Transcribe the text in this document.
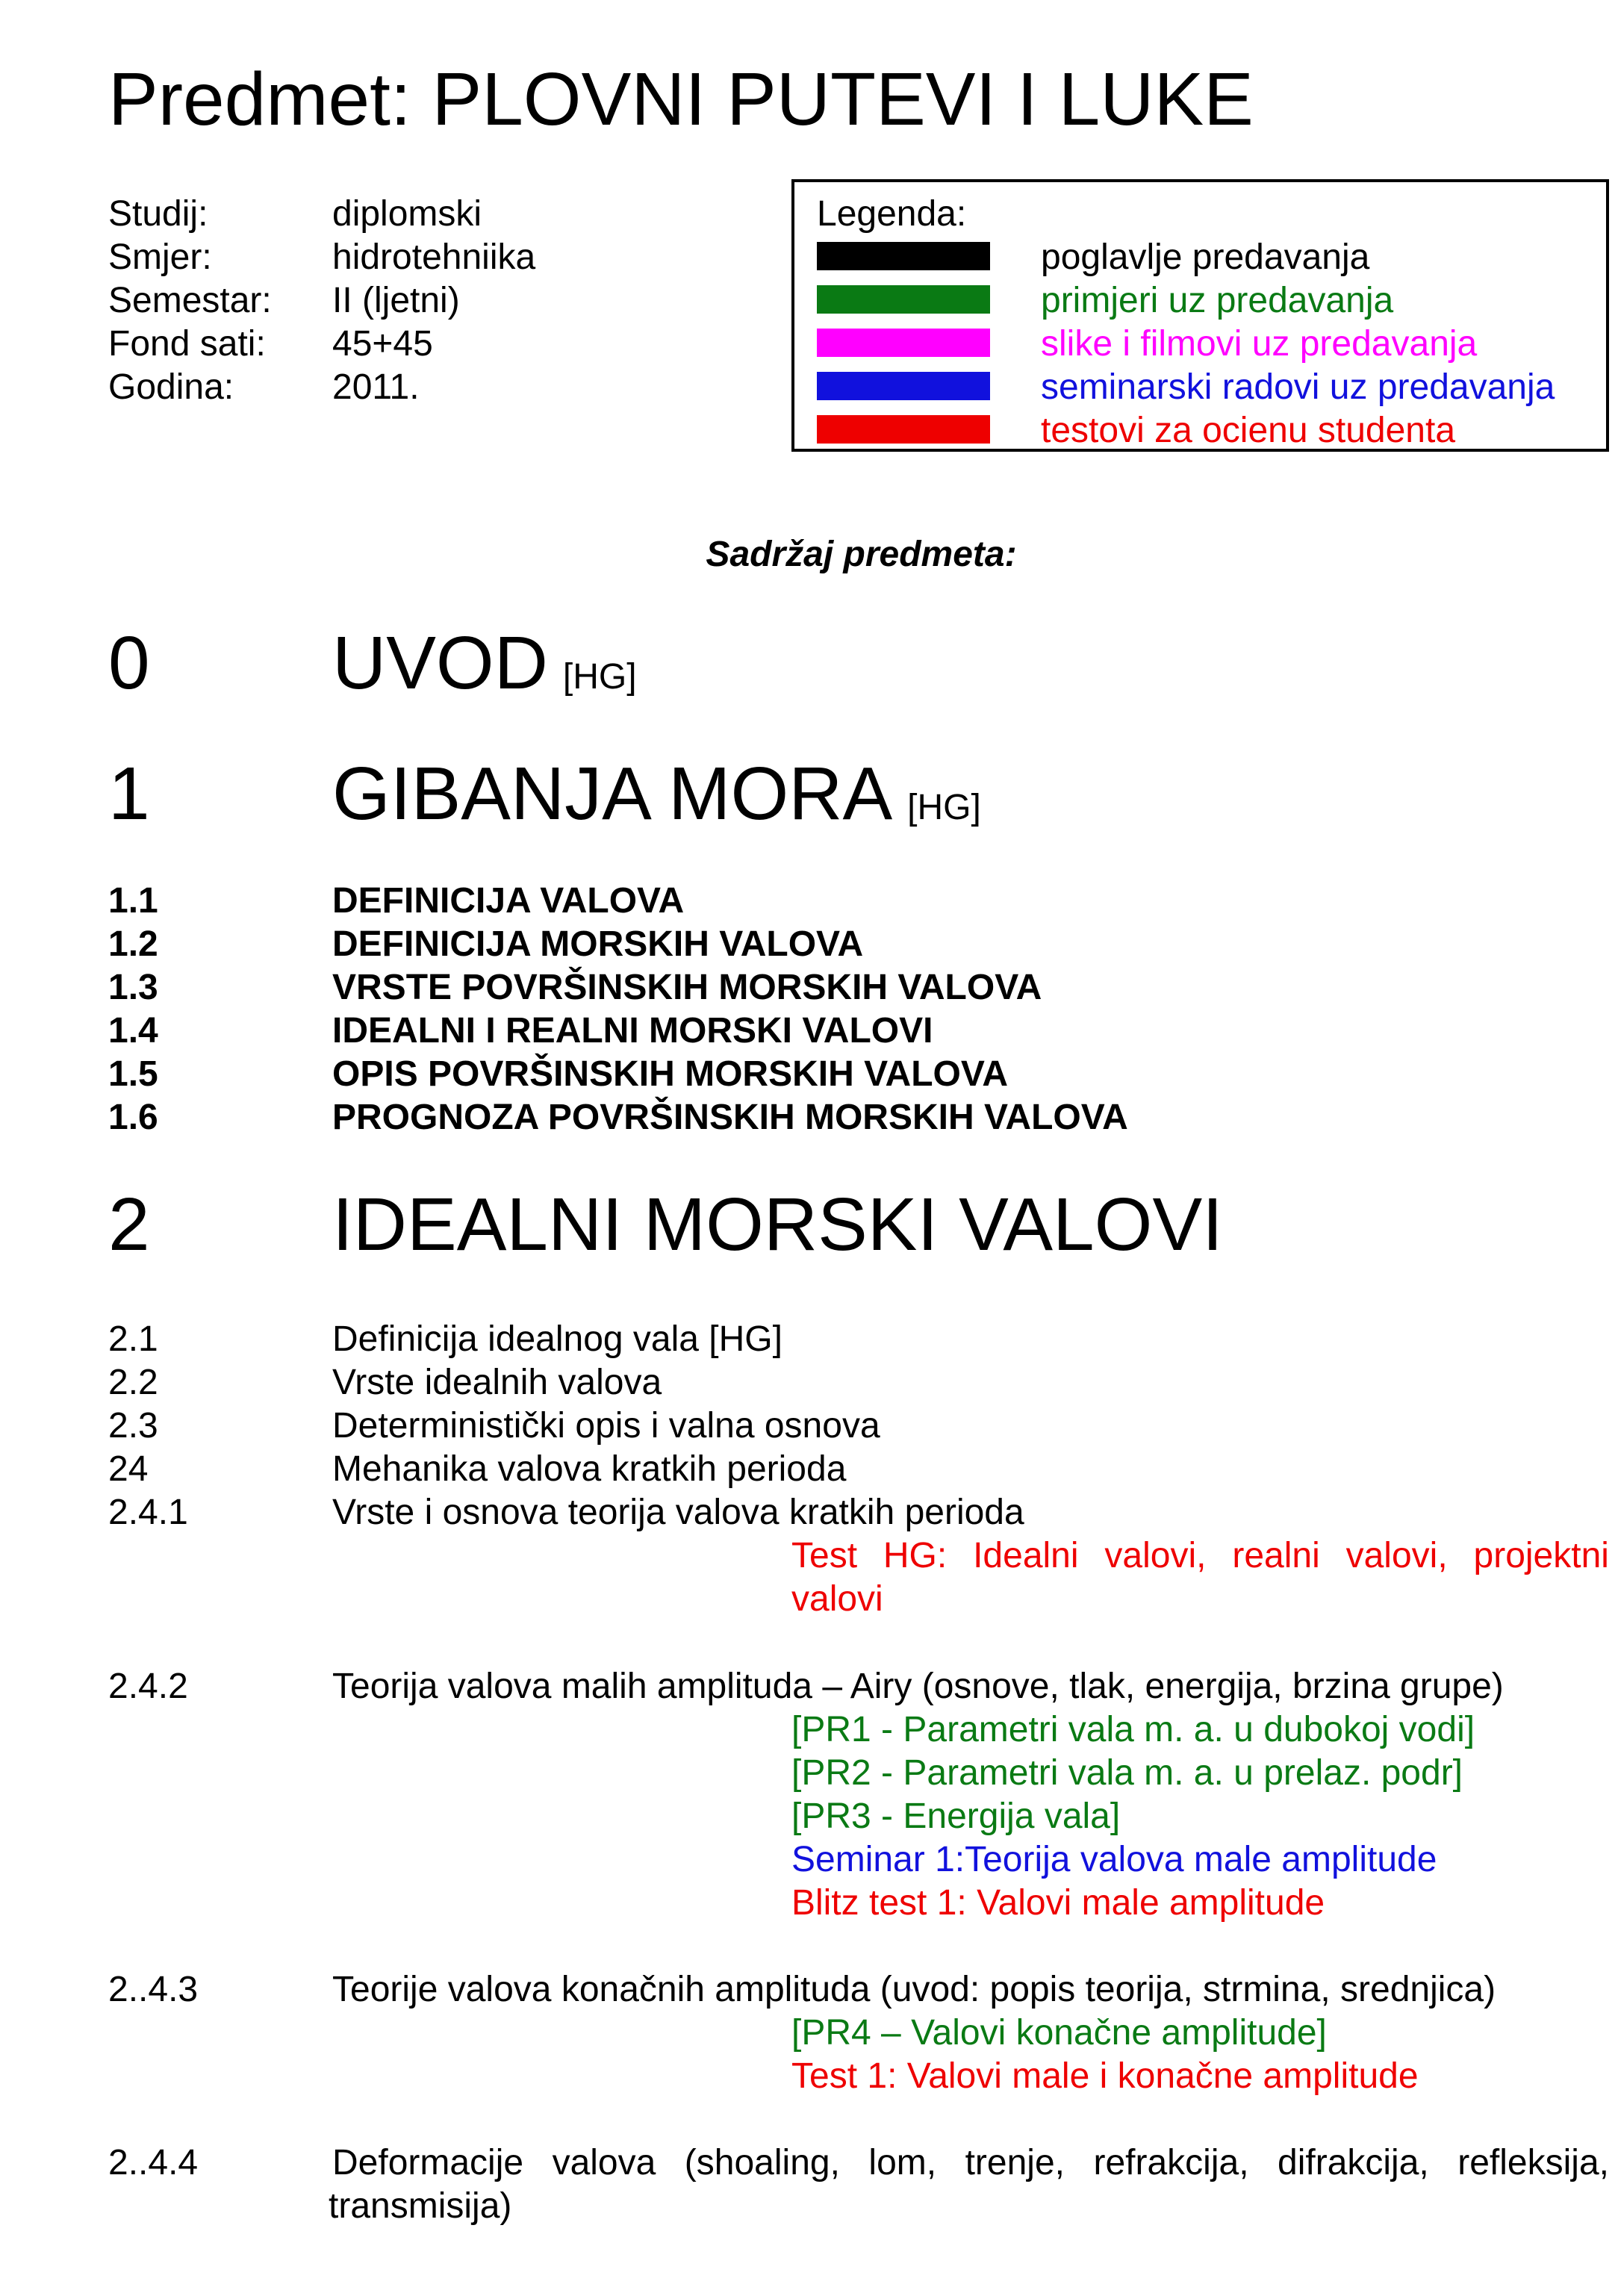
Predmet: PLOVNI PUTEVI I LUKE
Studij:	diplomski
Smjer:	hidrotehniika
Semestar: II (ljetni)
Fond sati: 45+45
Godina:	2011.
Legenda:
poglavlje predavanja
primjeri uz predavanja
slike i filmovi uz predavanja
seminarski radovi uz predavanja
testovi za ocienu studenta
Sadržaj predmeta:
0 UVOD [HG]
1 GIBANJA MORA [HG]
1.1	DEFINICIJA VALOVA
1.2	DEFINICIJA MORSKIH VALOVA
1.3	VRSTE POVRŠINSKIH MORSKIH VALOVA
1.4	IDEALNI I REALNI MORSKI VALOVI
1.5	OPIS POVRŠINSKIH MORSKIH VALOVA
1.6	PROGNOZA POVRŠINSKIH MORSKIH VALOVA
2 IDEALNI MORSKI VALOVI
2.1	Definicija idealnog vala [HG]
2.2	Vrste idealnih valova
2.3	Deterministički opis i valna osnova
24	Mehanika valova kratkih perioda
2.4.1	Vrste i osnova teorija valova kratkih perioda
Test HG: Idealni valovi, realni valovi, projektni
valovi
2.4.2	Teorija valova malih amplituda – Airy (osnove, tlak, energija, brzina grupe)
[PR1 - Parametri vala m. a. u dubokoj vodi]
[PR2 - Parametri vala m. a. u prelaz. podr]
[PR3 - Energija vala]
Seminar 1:Teorija valova male amplitude
Blitz test 1: Valovi male amplitude
2..4.3	Teorije valova konačnih amplituda (uvod: popis teorija, strmina, srednjica)
[PR4 – Valovi konačne amplitude]
Test 1: Valovi male i konačne amplitude
2..4.4	Deformacije valova (shoaling, lom, trenje, refrakcija, difrakcija, refleksija,
transmisija)
